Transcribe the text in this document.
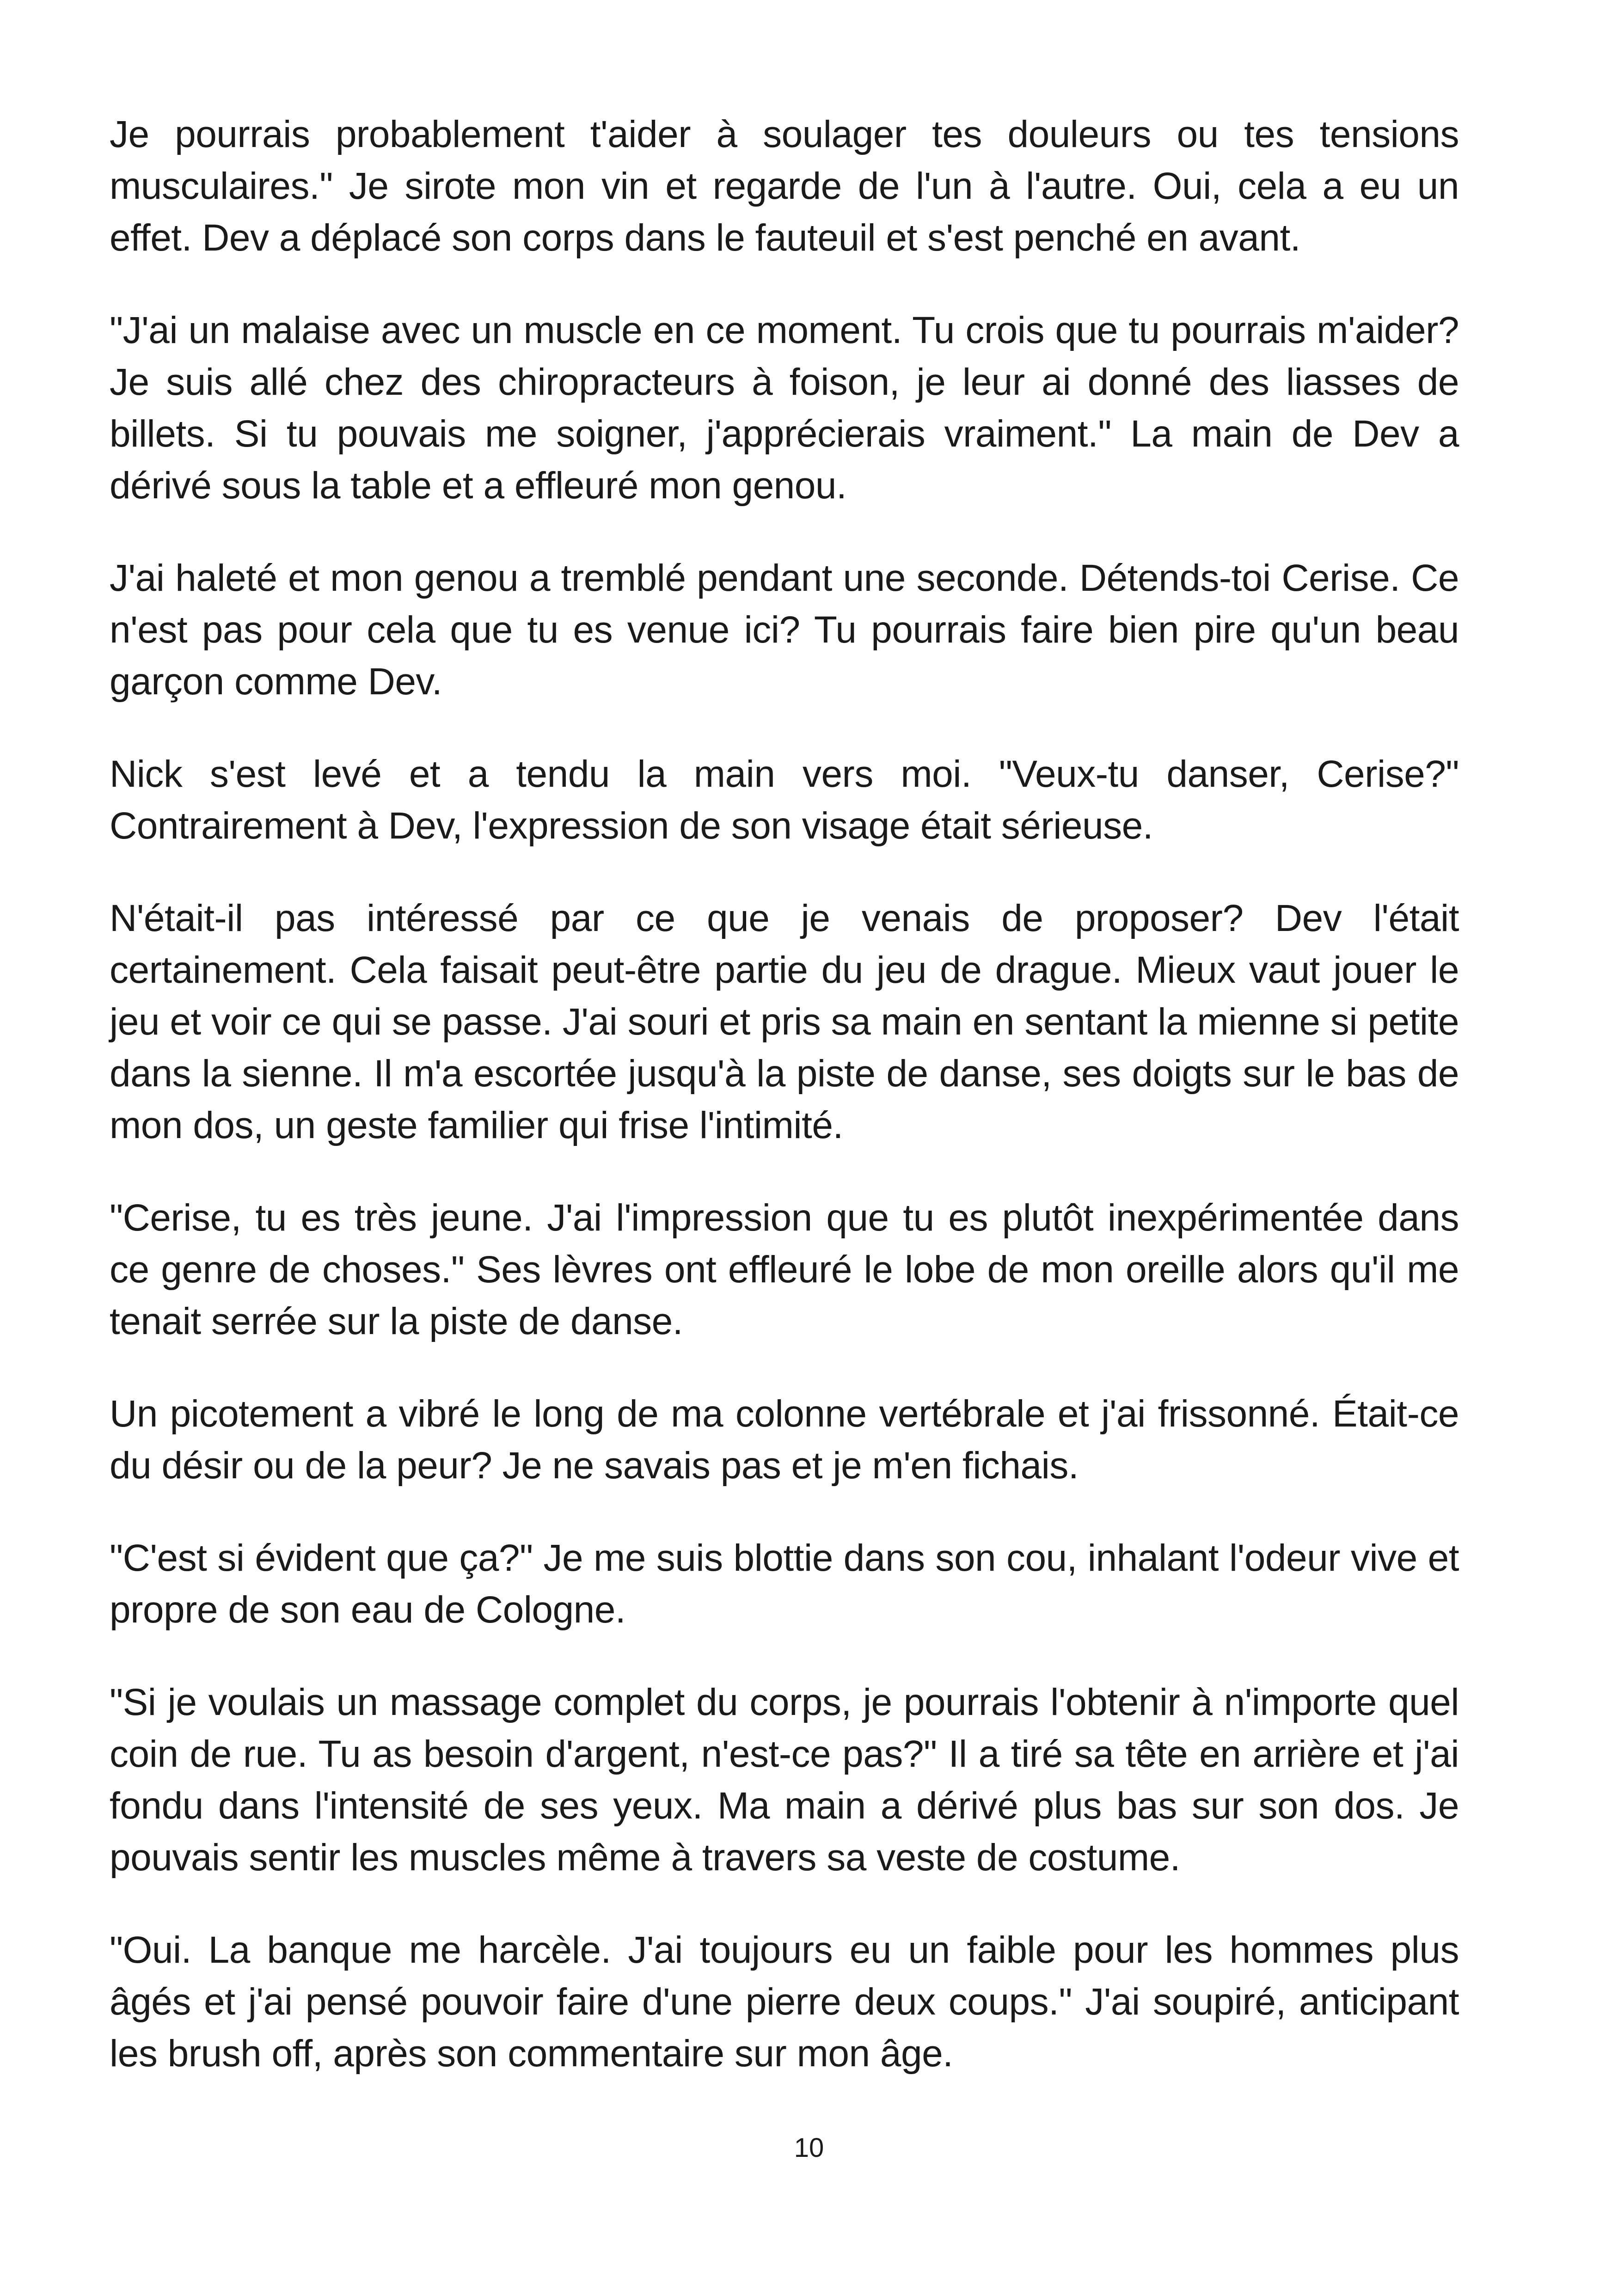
Je pourrais probablement t'aider à soulager tes douleurs ou tes tensions musculaires." Je sirote mon vin et regarde de l'un à l'autre. Oui, cela a eu un effet. Dev a déplacé son corps dans le fauteuil et s'est penché en avant.

"J'ai un malaise avec un muscle en ce moment. Tu crois que tu pourrais m'aider? Je suis allé chez des chiropracteurs à foison, je leur ai donné des liasses de billets. Si tu pouvais me soigner, j'apprécierais vraiment." La main de Dev a dérivé sous la table et a effleuré mon genou.

J'ai haleté et mon genou a tremblé pendant une seconde. Détends-toi Cerise. Ce n'est pas pour cela que tu es venue ici? Tu pourrais faire bien pire qu'un beau garçon comme Dev.

Nick s'est levé et a tendu la main vers moi. "Veux-tu danser, Cerise?" Contrairement à Dev, l'expression de son visage était sérieuse.

N'était-il pas intéressé par ce que je venais de proposer? Dev l'était certainement. Cela faisait peut-être partie du jeu de drague. Mieux vaut jouer le jeu et voir ce qui se passe. J'ai souri et pris sa main en sentant la mienne si petite dans la sienne. Il m'a escortée jusqu'à la piste de danse, ses doigts sur le bas de mon dos, un geste familier qui frise l'intimité.

"Cerise, tu es très jeune. J'ai l'impression que tu es plutôt inexpérimentée dans ce genre de choses." Ses lèvres ont effleuré le lobe de mon oreille alors qu'il me tenait serrée sur la piste de danse.

Un picotement a vibré le long de ma colonne vertébrale et j'ai frissonné. Était-ce du désir ou de la peur? Je ne savais pas et je m'en fichais.

"C'est si évident que ça?" Je me suis blottie dans son cou, inhalant l'odeur vive et propre de son eau de Cologne.

"Si je voulais un massage complet du corps, je pourrais l'obtenir à n'importe quel coin de rue. Tu as besoin d'argent, n'est-ce pas?" Il a tiré sa tête en arrière et j'ai fondu dans l'intensité de ses yeux. Ma main a dérivé plus bas sur son dos. Je pouvais sentir les muscles même à travers sa veste de costume.

"Oui. La banque me harcèle. J'ai toujours eu un faible pour les hommes plus âgés et j'ai pensé pouvoir faire d'une pierre deux coups." J'ai soupiré, anticipant les brush off, après son commentaire sur mon âge.

10
